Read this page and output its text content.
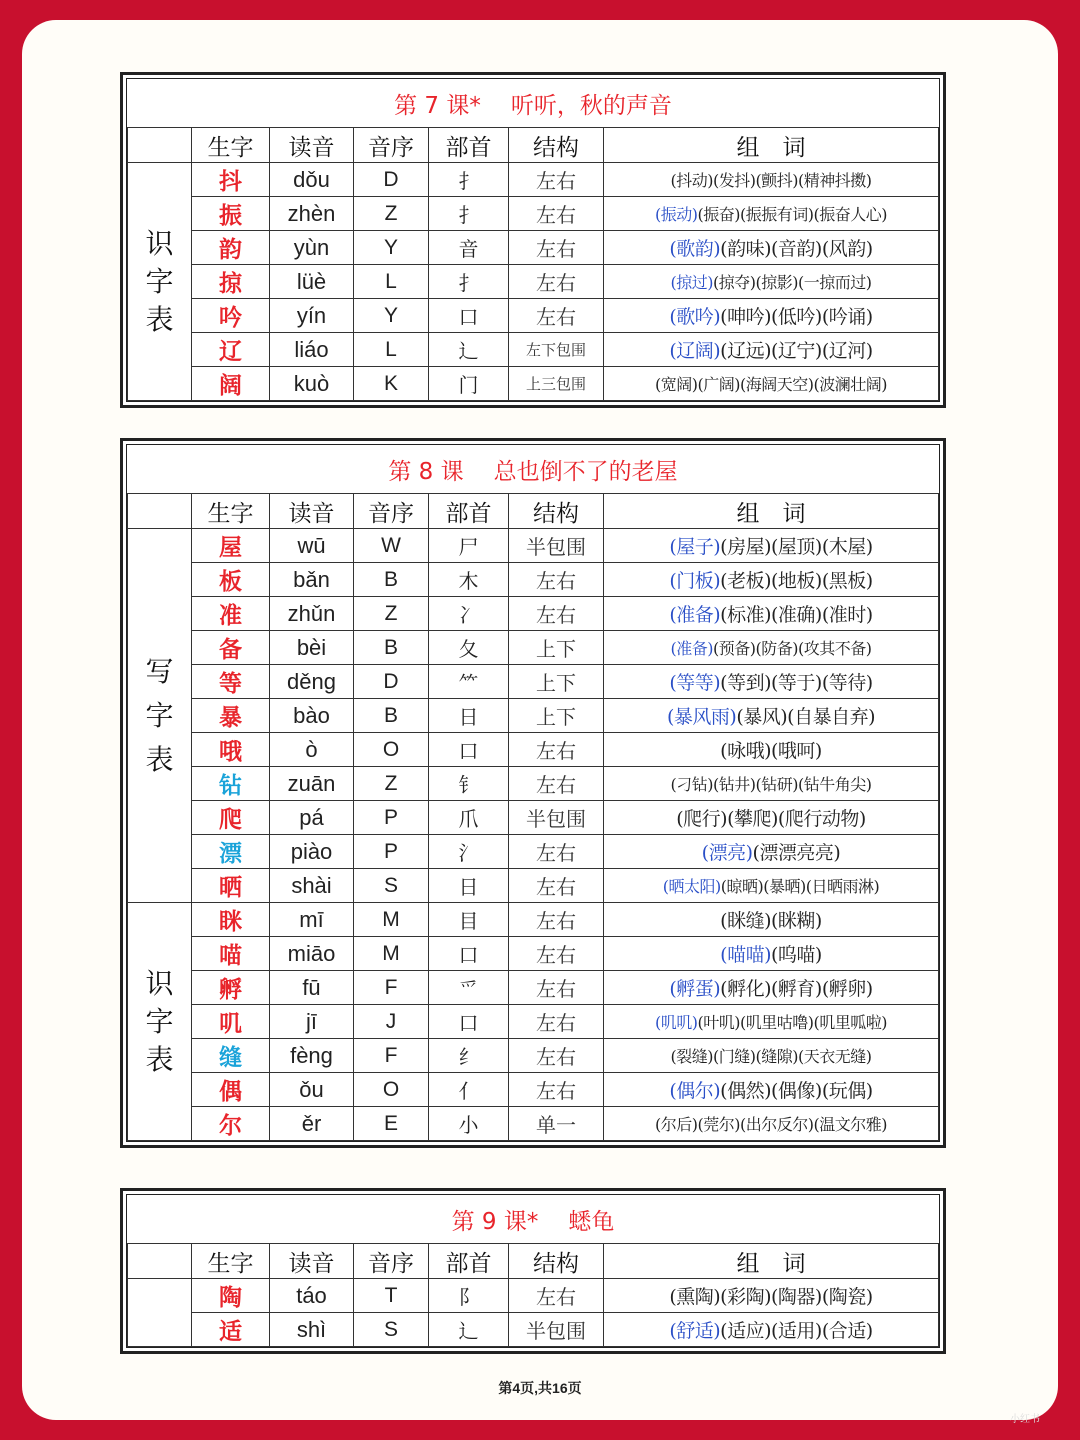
第 7 课* 听听，秋的声音						
	生字	读音	音序	部首	结构	组　词

识
字
表	抖	dǒu	D	扌	左右	(抖动)(发抖)(颤抖)(精神抖擞)
	振	zhèn	Z	扌	左右	(振动)(振奋)(振振有词)(振奋人心)
	韵	yùn	Y	音	左右	(歌韵)(韵味)(音韵)(风韵)
	掠	lüè	L	扌	左右	(掠过)(掠夺)(掠影)(一掠而过)
	吟	yín	Y	口	左右	(歌吟)(呻吟)(低吟)(吟诵)
	辽	liáo	L	辶	左下包围	(辽阔)(辽远)(辽宁)(辽河)
	阔	kuò	K	门	上三包围	(宽阔)(广阔)(海阔天空)(波澜壮阔)
第 8 课 总也倒不了的老屋						
	生字	读音	音序	部首	结构	组　词

写
字
表	屋	wū	W	尸	半包围	(屋子)(房屋)(屋顶)(木屋)
	板	bǎn	B	木	左右	(门板)(老板)(地板)(黑板)
	准	zhǔn	Z	冫	左右	(准备)(标准)(准确)(准时)
	备	bèi	B	夂	上下	(准备)(预备)(防备)(攻其不备)
	等	děng	D	⺮	上下	(等等)(等到)(等于)(等待)
	暴	bào	B	日	上下	(暴风雨)(暴风)(自暴自弃)
	哦	ò	O	口	左右	(咏哦)(哦呵)
	钻	zuān	Z	钅	左右	(刁钻)(钻井)(钻研)(钻牛角尖)
	爬	pá	P	爪	半包围	(爬行)(攀爬)(爬行动物)
	漂	piào	P	氵	左右	(漂亮)(漂漂亮亮)
	晒	shài	S	日	左右	(晒太阳)(晾晒)(暴晒)(日晒雨淋)

识
字
表	眯	mī	M	目	左右	(眯缝)(眯糊)
	喵	miāo	M	口	左右	(喵喵)(呜喵)
	孵	fū	F	爫	左右	(孵蛋)(孵化)(孵育)(孵卵)
	叽	jī	J	口	左右	(叽叽)(叶叽)(叽里咕噜)(叽里呱啦)
	缝	fèng	F	纟	左右	(裂缝)(门缝)(缝隙)(天衣无缝)
	偶	ǒu	O	亻	左右	(偶尔)(偶然)(偶像)(玩偶)
	尔	ěr	E	小	单一	(尔后)(莞尔)(出尔反尔)(温文尔雅)
第 9 课* 蟋龟						
	生字	读音	音序	部首	结构	组　词
	陶	táo	T	阝	左右	(熏陶)(彩陶)(陶器)(陶瓷)
	适	shì	S	辶	半包围	(舒适)(适应)(适用)(合适)
第4页,共16页
小红书
